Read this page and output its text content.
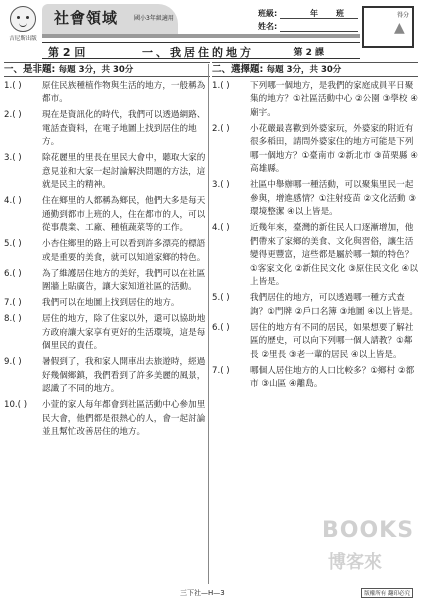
吉尼斯出版
社會領域	國小3年級適用
班級:	年 班
姓名:
得分
▲
第 2 回	一、我居住的地方	第 2 課
一、是非題: 每題 3分，共 30分
1.( )	原住民族種植作物與生活的地方，一般稱為都市。
2.( )	現在是資訊化的時代，我們可以透過網路、電話查資料，在電子地圖上找到居住的地方。
3.( )	除花麗里的里長在里民大會中，聽取大家的意見並和大家一起討論解決問題的方法，這就是民主的精神。
4.( )	住在鄉里的人都稱為鄉民，他們大多是每天通勤到都市上班的人，住在都市的人，可以從事農業、工廠、種植蔬菜等的工作。
5.( )	小杏住鄉里的路上可以看到許多漂亮的標語或是重要的美食，就可以知道家鄉的特色。
6.( )	為了維護居住地方的美好，我們可以在社區圍牆上貼廣告，讓大家知道社區的活動。
7.( )	我們可以在地圖上找到居住的地方。
8.( )	居住的地方，除了住家以外，還可以協助地方政府讓大家享有更好的生活環境，這是每個里民的責任。
9.( )	暑假到了，我和家人開車出去旅遊時，經過好幾個鄉鎮，我們看到了許多美麗的風景，認識了不同的地方。
10.( )	小萱的家人每年都會到社區活動中心參加里民大會，他們都是很熱心的人，會一起討論並且幫忙改善居住的地方。
二、選擇題: 每題 3分，共 30分
1.( )	下列哪一個地方，是我們的家庭成員平日聚集的地方？①社區活動中心 ②公園 ③學校 ④廟宇。
2.( )	小花嚴最喜歡到外婆家玩，外婆家的附近有很多稻田，請問外婆家住的地方可能是下列哪一個地方？①臺南市 ②新北市 ③苗栗縣 ④高雄縣。
3.( )	社區中舉辦哪一種活動，可以聚集里民一起參與，增進感情？①注射疫苗 ②文化活動 ③環境整潔 ④以上皆是。
4.( )	近幾年來，臺灣的新住民人口逐漸增加，他們帶來了家鄉的美食、文化與習俗，讓生活變得更豐富，這些都是屬於哪一類的特色？①客家文化 ②新住民文化 ③原住民文化 ④以上皆是。
5.( )	我們居住的地方，可以透過哪一種方式查詢？①門牌 ②戶口名簿 ③地圖 ④以上皆是。
6.( )	居住的地方有不同的居民，如果想要了解社區的歷史，可以向下列哪一個人請教？①鄰長 ②里長 ③老一輩的居民 ④以上皆是。
7.( )	哪個人居住地方的人口比較多？①鄉村 ②都市 ③山區 ④離島。
BOOKS
博客來
三下社—H—3	版權所有 翻印必究
